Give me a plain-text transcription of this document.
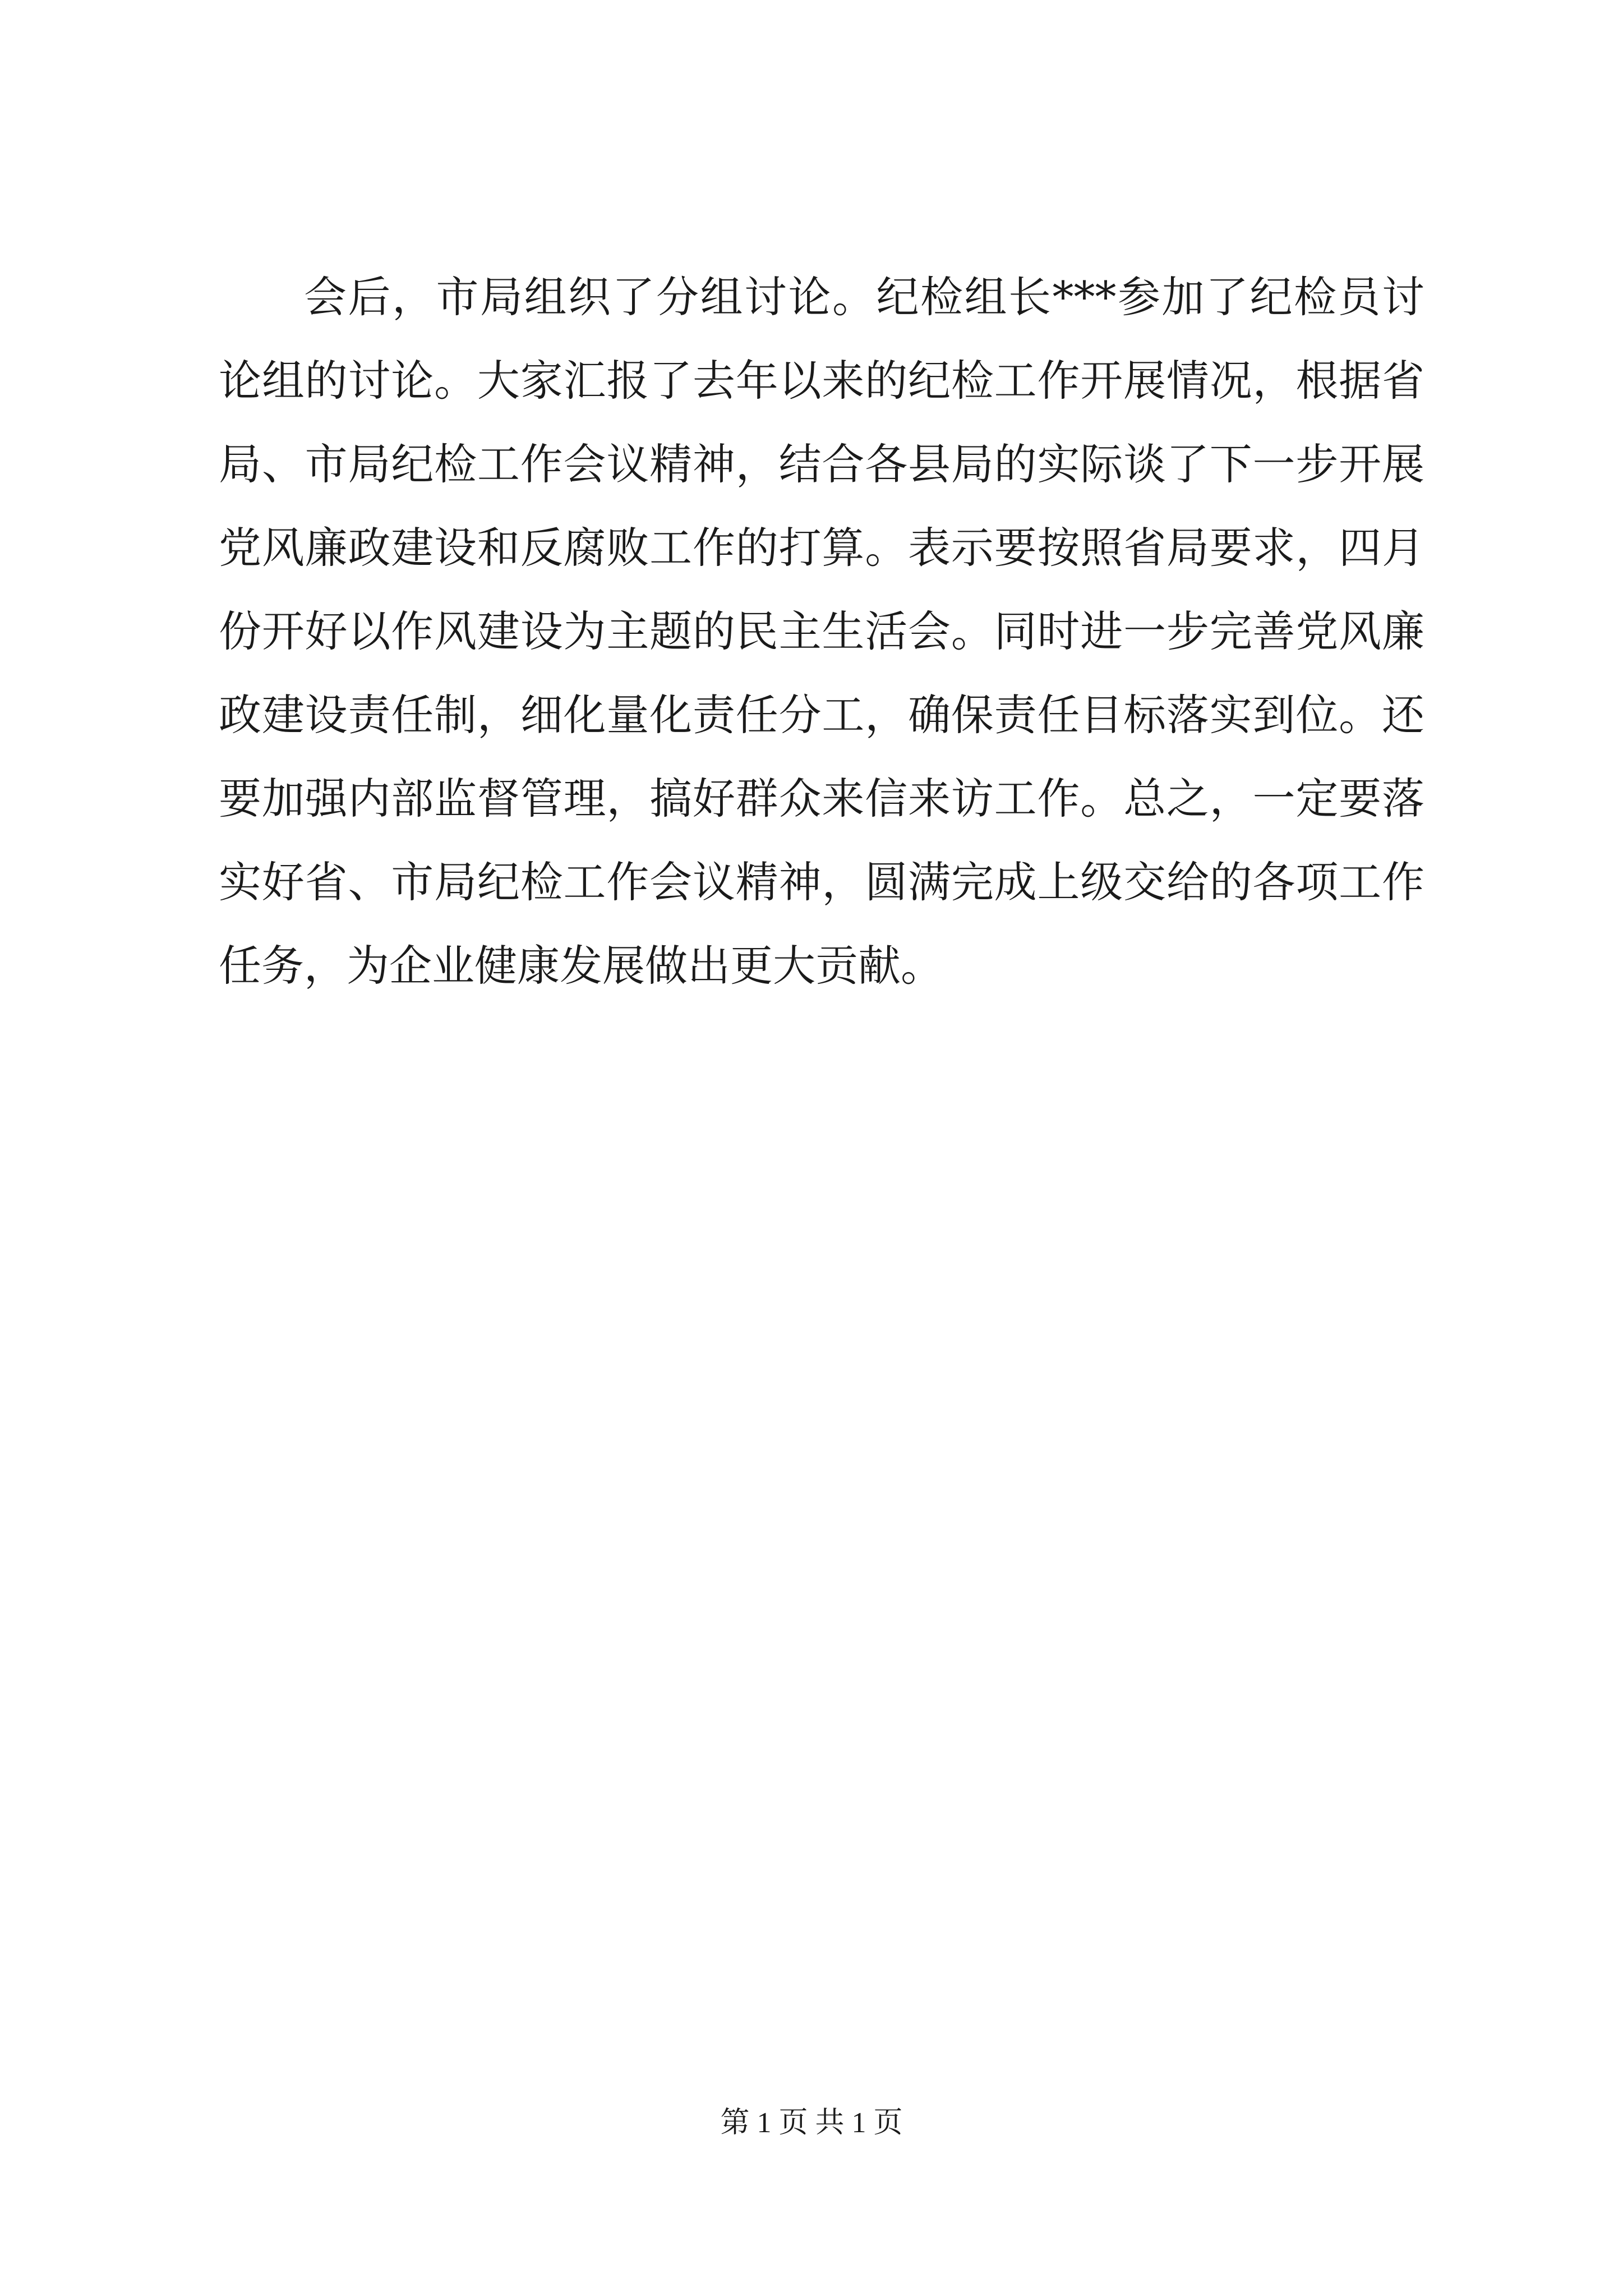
会后，市局组织了分组讨论。纪检组长***参加了纪检员讨
论组的讨论。大家汇报了去年以来的纪检工作开展情况，根据省
局、市局纪检工作会议精神，结合各县局的实际谈了下一步开展
党风廉政建设和反腐败工作的打算。表示要按照省局要求，四月
份开好以作风建设为主题的民主生活会。同时进一步完善党风廉
政建设责任制，细化量化责任分工，确保责任目标落实到位。还
要加强内部监督管理，搞好群众来信来访工作。总之，一定要落
实好省、市局纪检工作会议精神，圆满完成上级交给的各项工作
任务，为企业健康发展做出更大贡献。
第 1 页 共 1 页
